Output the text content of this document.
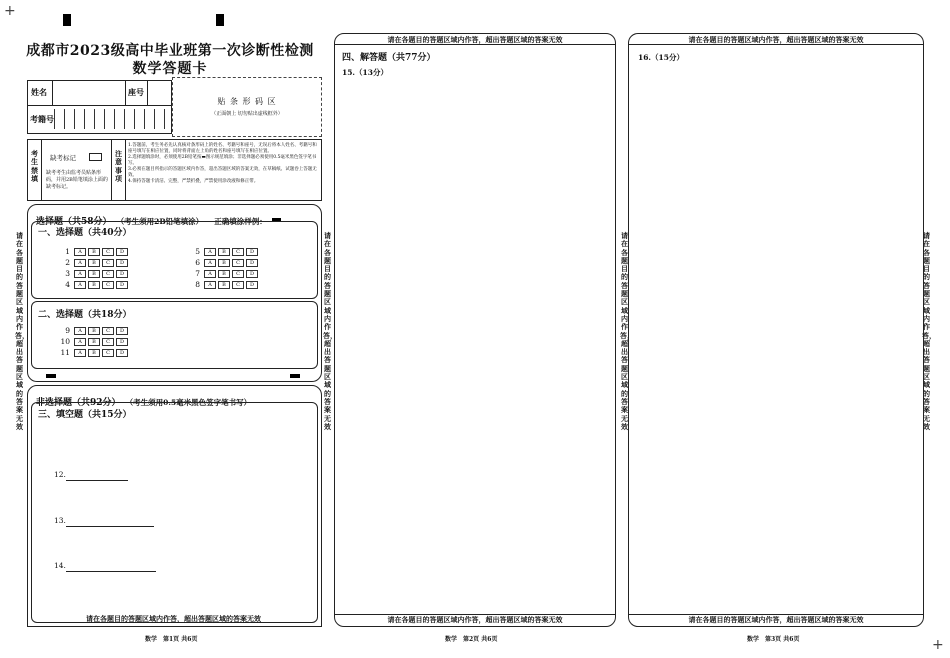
+
+
成都市2023级高中毕业班第一次诊断性检测
数学答题卡
姓名	座号
考籍号
贴 条 形 码 区
（正面朝上 切勿贴出虚线框外）
考生禁填
缺考标记
缺考考生由监考员贴条形码，并用2B铅笔填涂上面的缺考标记。
注意事项
1.答题前，考生务必先认真核对条形码上的姓名、考籍号和座号，无误后将本人姓名、考籍号和座号填写在相应位置，同时将背面左上角的姓名和座号填写在相应位置。
2.选择题填涂时，必须使用2B铅笔按▬图示规范填涂；非选择题必须使用0.5毫米黑色签字笔书写。
3.必须在题目所指示的答题区域内作答，超出答题区域的答案无效，在草稿纸、试题卷上答题无效。
4.保持答题卡清洁、完整，严禁折叠，严禁使用涂改液和修正带。
选择题（共58分） （考生须用2B铅笔填涂） 正确填涂样例：
一、选择题（共40分）
1 A B C D
2 A B C D
3 A B C D
4 A B C D
5 A B C D
6 A B C D
7 A B C D
8 A B C D
二、选择题（共18分）
9 A B C D
10 A B C D
11 A B C D
非选择题（共92分） （考生须用0.5毫米黑色签字笔书写）
三、填空题（共15分）
12.
13.
14.
请在各题目的答题区域内作答，超出答题区域的答案无效
数学　第1页 共6页
请在各题目的答题区域内作答，超出答题区域的答案无效
请在各题目的答题区域内作答，超出答题区域的答案无效
请在各题目的答题区域内作答，超出答题区域的答案无效
请在各题目的答题区域内作答，超出答题区域的答案无效
请在各题目的答题区域内作答，超出答题区域的答案无效
四、解答题（共77分）
15.（13分）
请在各题目的答题区域内作答，超出答题区域的答案无效
数学　第2页 共6页
请在各题目的答题区域内作答，超出答题区域的答案无效
16.（15分）
请在各题目的答题区域内作答，超出答题区域的答案无效
数学　第3页 共6页
